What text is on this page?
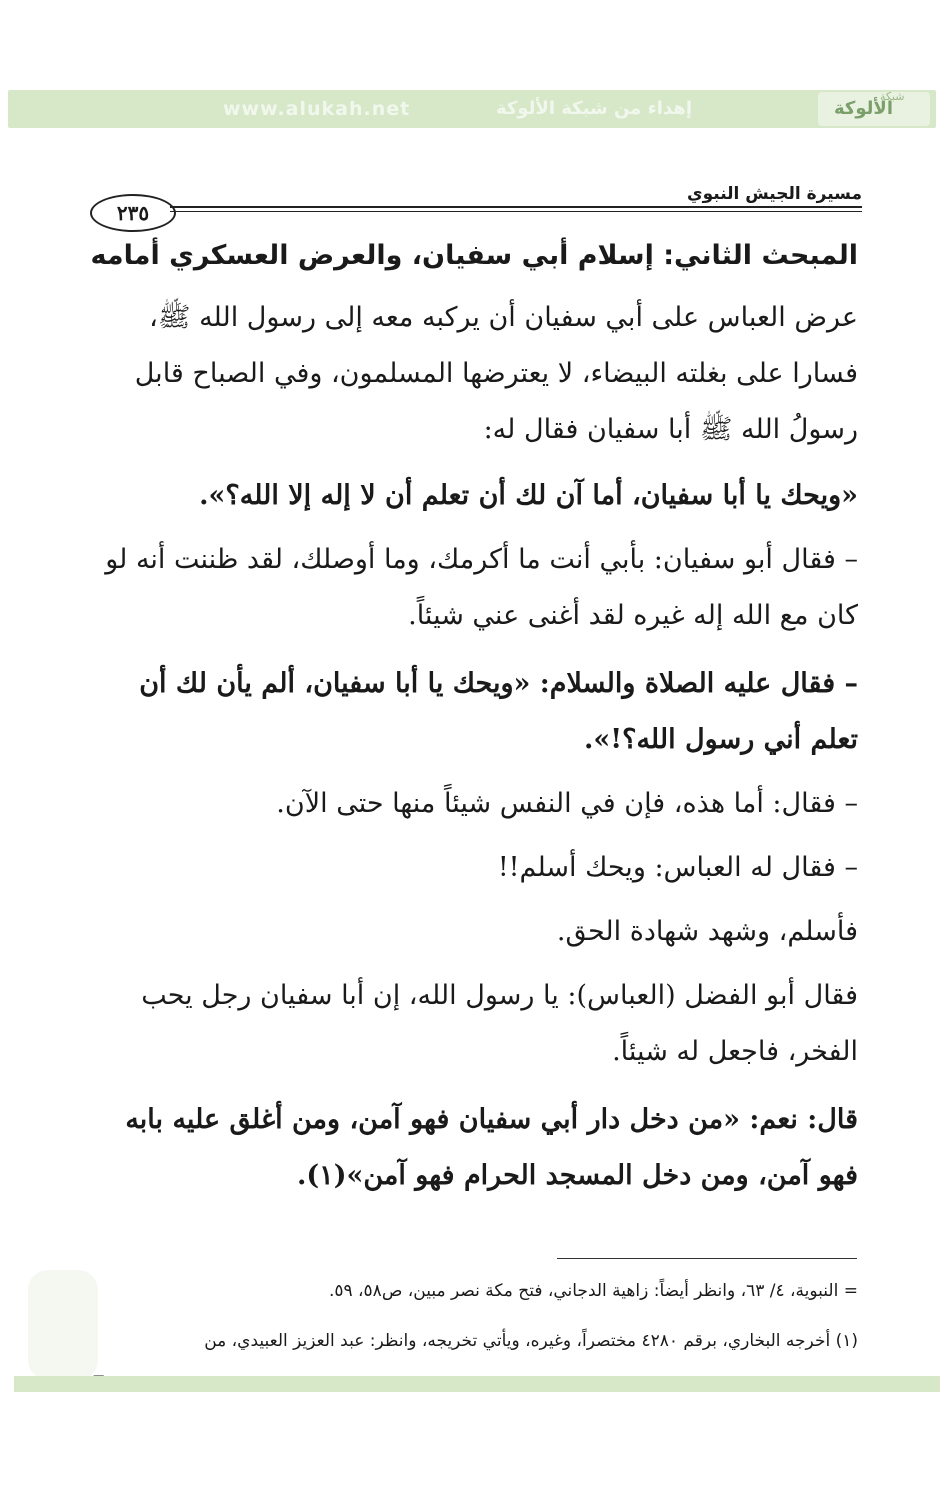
www.alukah.net	إهداء من شبكة الألوكة
شبكة
الألوكة
مسيرة الجيش النبوي
٢٣٥
المبحث الثاني: إسلام أبي سفيان، والعرض العسكري أمامه
عرض العباس على أبي سفيان أن يركبه معه إلى رسول الله ﷺ، فسارا على بغلته البيضاء، لا يعترضها المسلمون، وفي الصباح قابل رسولُ الله ﷺ أبا سفيان فقال له:
«ويحك يا أبا سفيان، أما آن لك أن تعلم أن لا إله إلا الله؟».
– فقال أبو سفيان: بأبي أنت ما أكرمك، وما أوصلك، لقد ظننت أنه لو كان مع الله إله غيره لقد أغنى عني شيئاً.
– فقال عليه الصلاة والسلام: «ويحك يا أبا سفيان، ألم يأن لك أن تعلم أني رسول الله؟!».
– فقال: أما هذه، فإن في النفس شيئاً منها حتى الآن.
– فقال له العباس: ويحك أسلم!!
فأسلم، وشهد شهادة الحق.
فقال أبو الفضل (العباس): يا رسول الله، إن أبا سفيان رجل يحب الفخر، فاجعل له شيئاً.
قال: نعم: «من دخل دار أبي سفيان فهو آمن، ومن أغلق عليه بابه فهو آمن، ومن دخل المسجد الحرام فهو آمن»(١).
= النبوية، ٤/ ٦٣، وانظر أيضاً: زاهية الدجاني، فتح مكة نصر مبين، ص٥٨، ٥٩.
(١) أخرجه البخاري، برقم ٤٢٨٠ مختصراً، وغيره، ويأتي تخريجه، وانظر: عبد العزيز العبيدي، من
